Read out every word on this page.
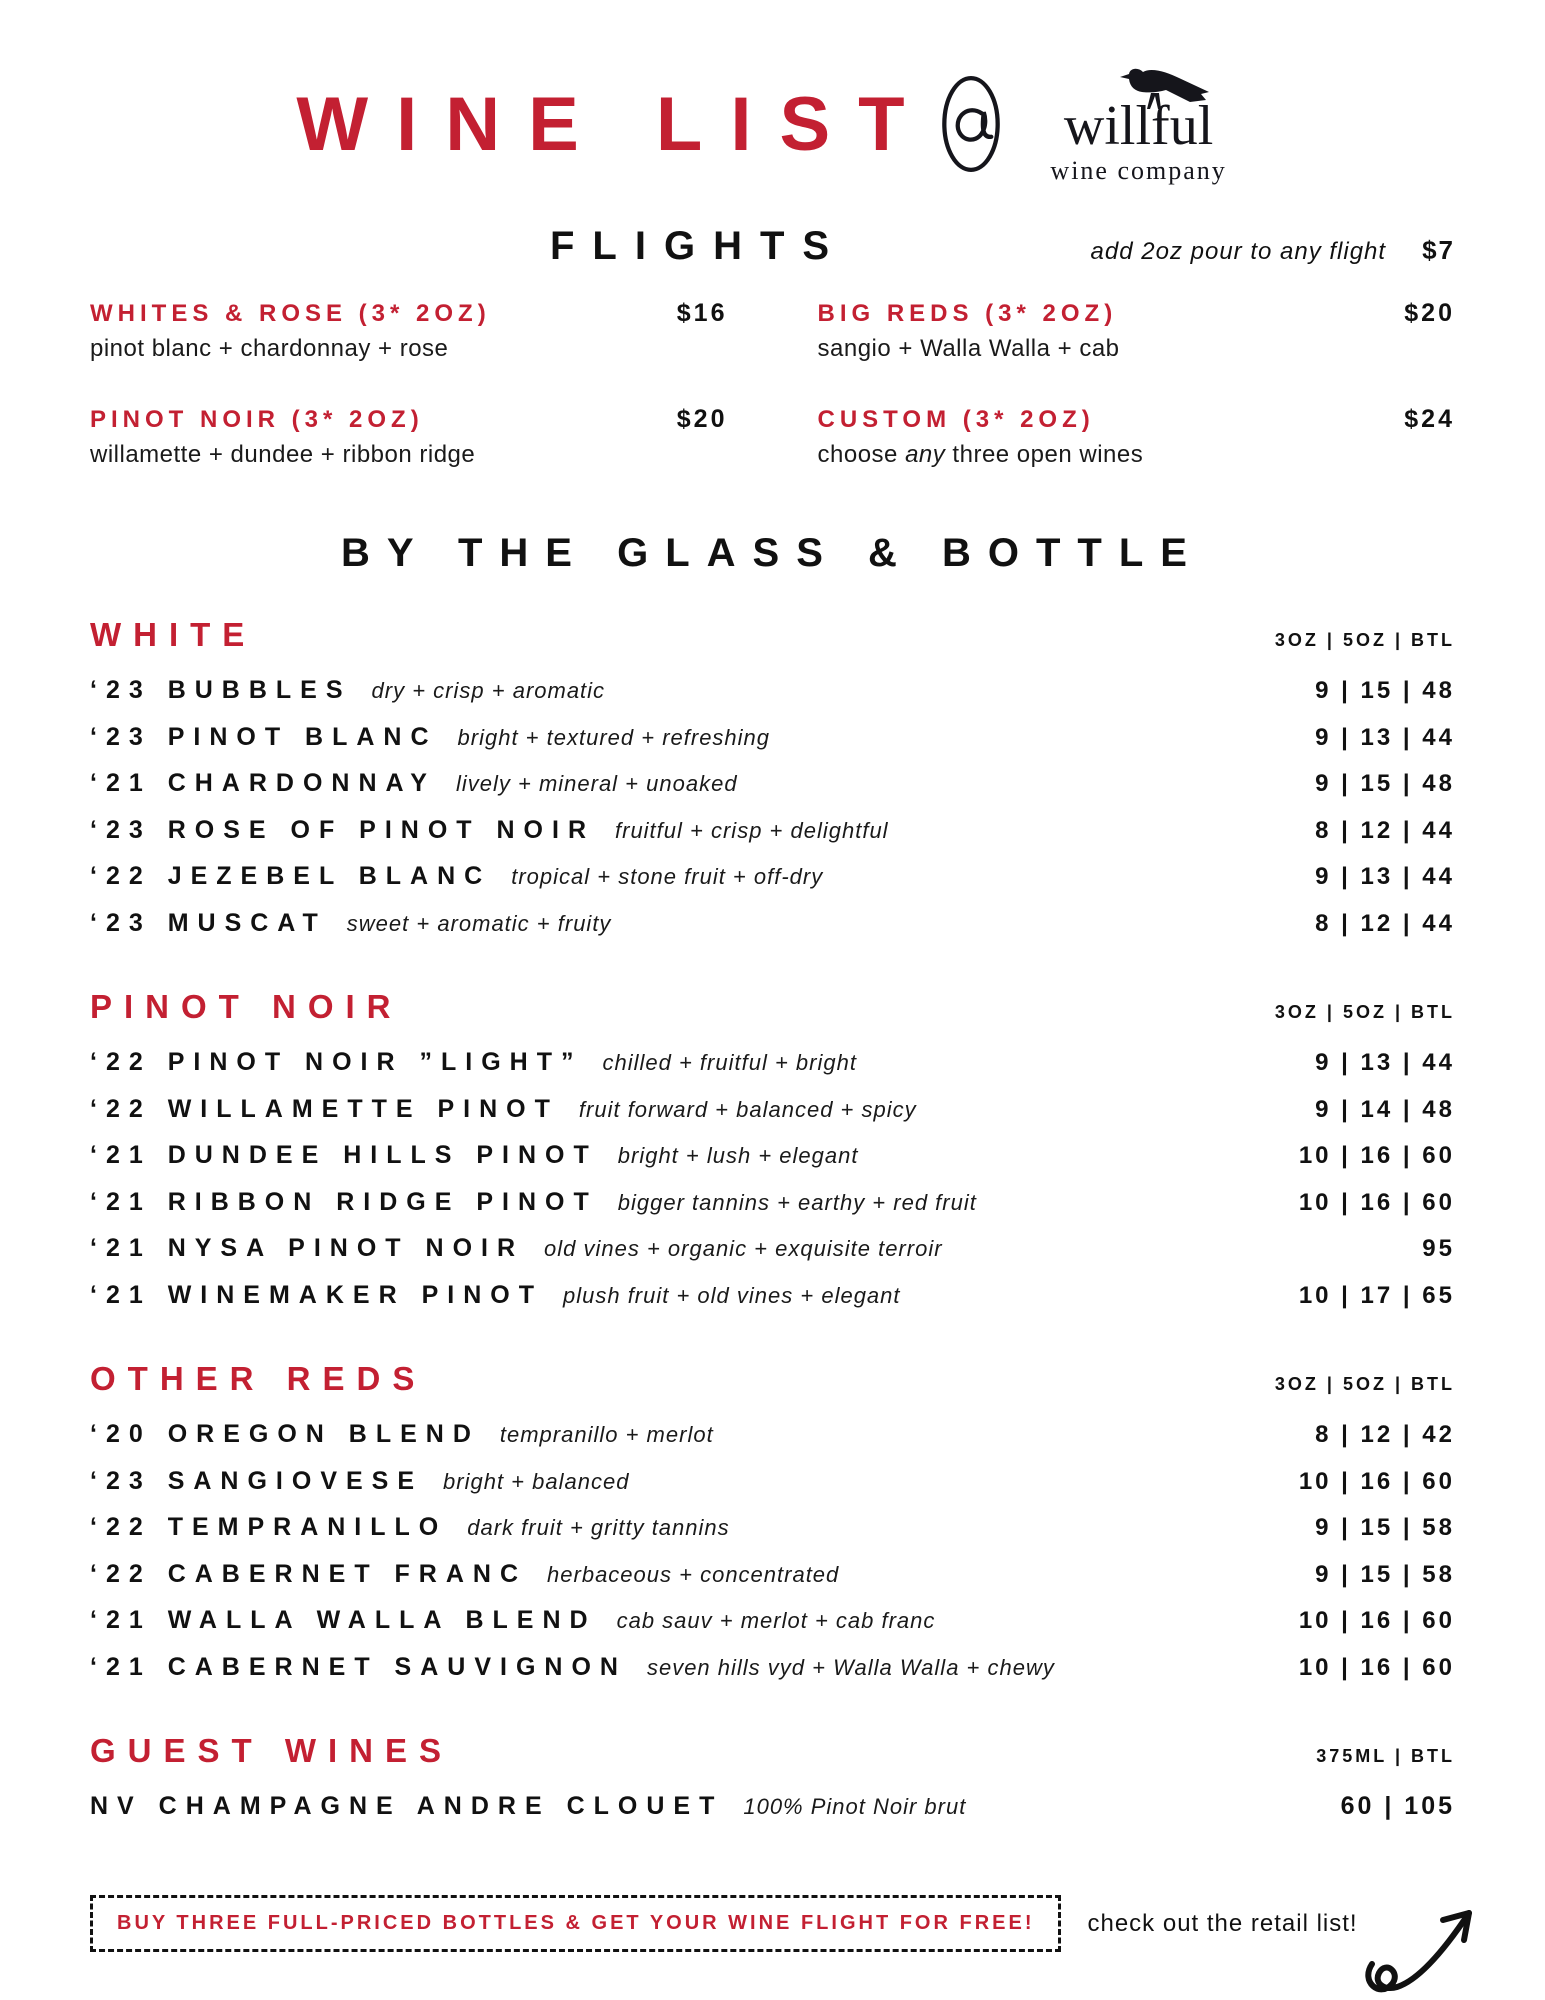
WINE LIST willful
wine company
FLIGHTS	add 2oz pour to any flight $7
WHITES & ROSE (3* 2OZ)	$16
pinot blanc + chardonnay + rose
BIG REDS (3* 2OZ)	$20
sangio + Walla Walla + cab
PINOT NOIR (3* 2OZ)	$20
willamette + dundee + ribbon ridge
CUSTOM (3* 2OZ)	$24
choose any three open wines
BY THE GLASS & BOTTLE
WHITE	3OZ | 5OZ | BTL
‘23 BUBBLES dry + crisp + aromatic	9 | 15 | 48
‘23 PINOT BLANC bright + textured + refreshing	9 | 13 | 44
‘21 CHARDONNAY lively + mineral + unoaked	9 | 15 | 48
‘23 ROSE OF PINOT NOIR fruitful + crisp + delightful	8 | 12 | 44
‘22 JEZEBEL BLANC tropical + stone fruit + off-dry	9 | 13 | 44
‘23 MUSCAT sweet + aromatic + fruity	8 | 12 | 44
PINOT NOIR	3OZ | 5OZ | BTL
‘22 PINOT NOIR ”LIGHT” chilled + fruitful + bright	9 | 13 | 44
‘22 WILLAMETTE PINOT fruit forward + balanced + spicy	9 | 14 | 48
‘21 DUNDEE HILLS PINOT bright + lush + elegant	10 | 16 | 60
‘21 RIBBON RIDGE PINOT bigger tannins + earthy + red fruit	10 | 16 | 60
‘21 NYSA PINOT NOIR old vines + organic + exquisite terroir	95
‘21 WINEMAKER PINOT plush fruit + old vines + elegant	10 | 17 | 65
OTHER REDS	3OZ | 5OZ | BTL
‘20 OREGON BLEND tempranillo + merlot	8 | 12 | 42
‘23 SANGIOVESE bright + balanced	10 | 16 | 60
‘22 TEMPRANILLO dark fruit + gritty tannins	9 | 15 | 58
‘22 CABERNET FRANC herbaceous + concentrated	9 | 15 | 58
‘21 WALLA WALLA BLEND cab sauv + merlot + cab franc	10 | 16 | 60
‘21 CABERNET SAUVIGNON seven hills vyd + Walla Walla + chewy	10 | 16 | 60
GUEST WINES	375ML | BTL
NV CHAMPAGNE ANDRE CLOUET 100% Pinot Noir brut	60 | 105
BUY THREE FULL-PRICED BOTTLES & GET YOUR WINE FLIGHT FOR FREE!	check out the retail list!
